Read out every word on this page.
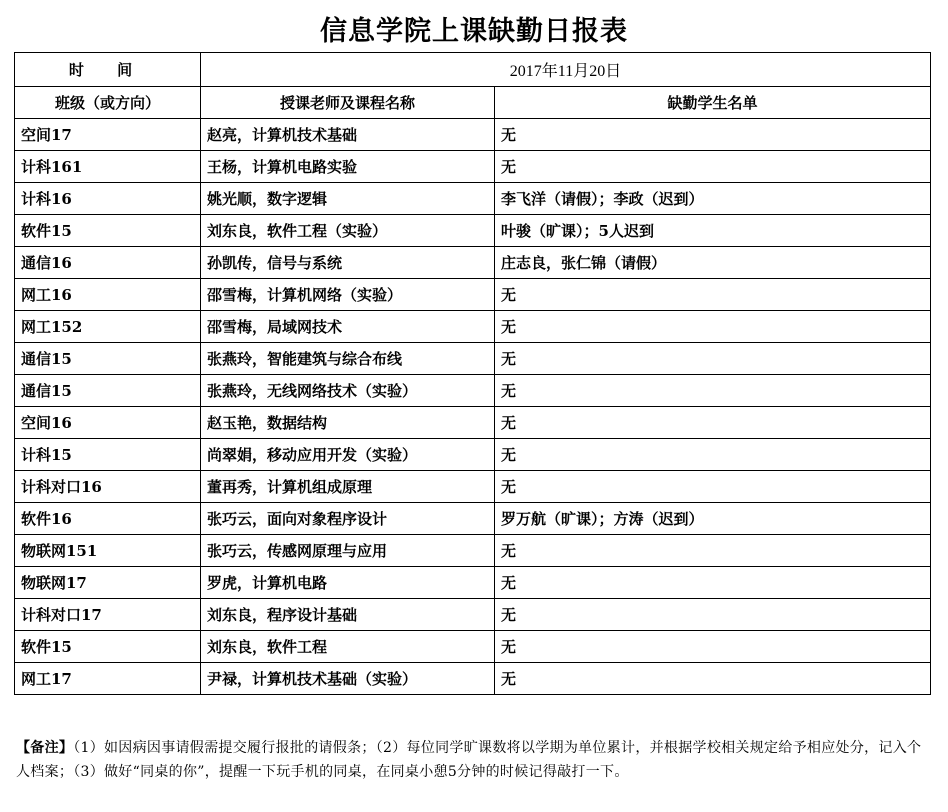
信息学院上课缺勤日报表
时 间	2017年11月20日	
班级（或方向）	授课老师及课程名称	缺勤学生名单
空间17	赵亮，计算机技术基础	无
计科161	王杨，计算机电路实验	无
计科16	姚光顺，数字逻辑	李飞洋（请假）；李政（迟到）
软件15	刘东良，软件工程（实验）	叶骏（旷课）；5人迟到
通信16	孙凯传，信号与系统	庄志良，张仁锦（请假）
网工16	邵雪梅，计算机网络（实验）	无
网工152	邵雪梅，局域网技术	无
通信15	张燕玲，智能建筑与综合布线	无
通信15	张燕玲，无线网络技术（实验）	无
空间16	赵玉艳，数据结构	无
计科15	尚翠娟，移动应用开发（实验）	无
计科对口16	董再秀，计算机组成原理	无
软件16	张巧云，面向对象程序设计	罗万航（旷课）；方涛（迟到）
物联网151	张巧云，传感网原理与应用	无
物联网17	罗虎，计算机电路	无
计科对口17	刘东良，程序设计基础	无
软件15	刘东良，软件工程	无
网工17	尹禄，计算机技术基础（实验）	无
【备注】（1）如因病因事请假需提交履行报批的请假条；（2）每位同学旷课数将以学期为单位累计，并根据学校相关规定给予相应处分，记入个人档案；（3）做好“同桌的你”，提醒一下玩手机的同桌，在同桌小憩5分钟的时候记得敲打一下。
